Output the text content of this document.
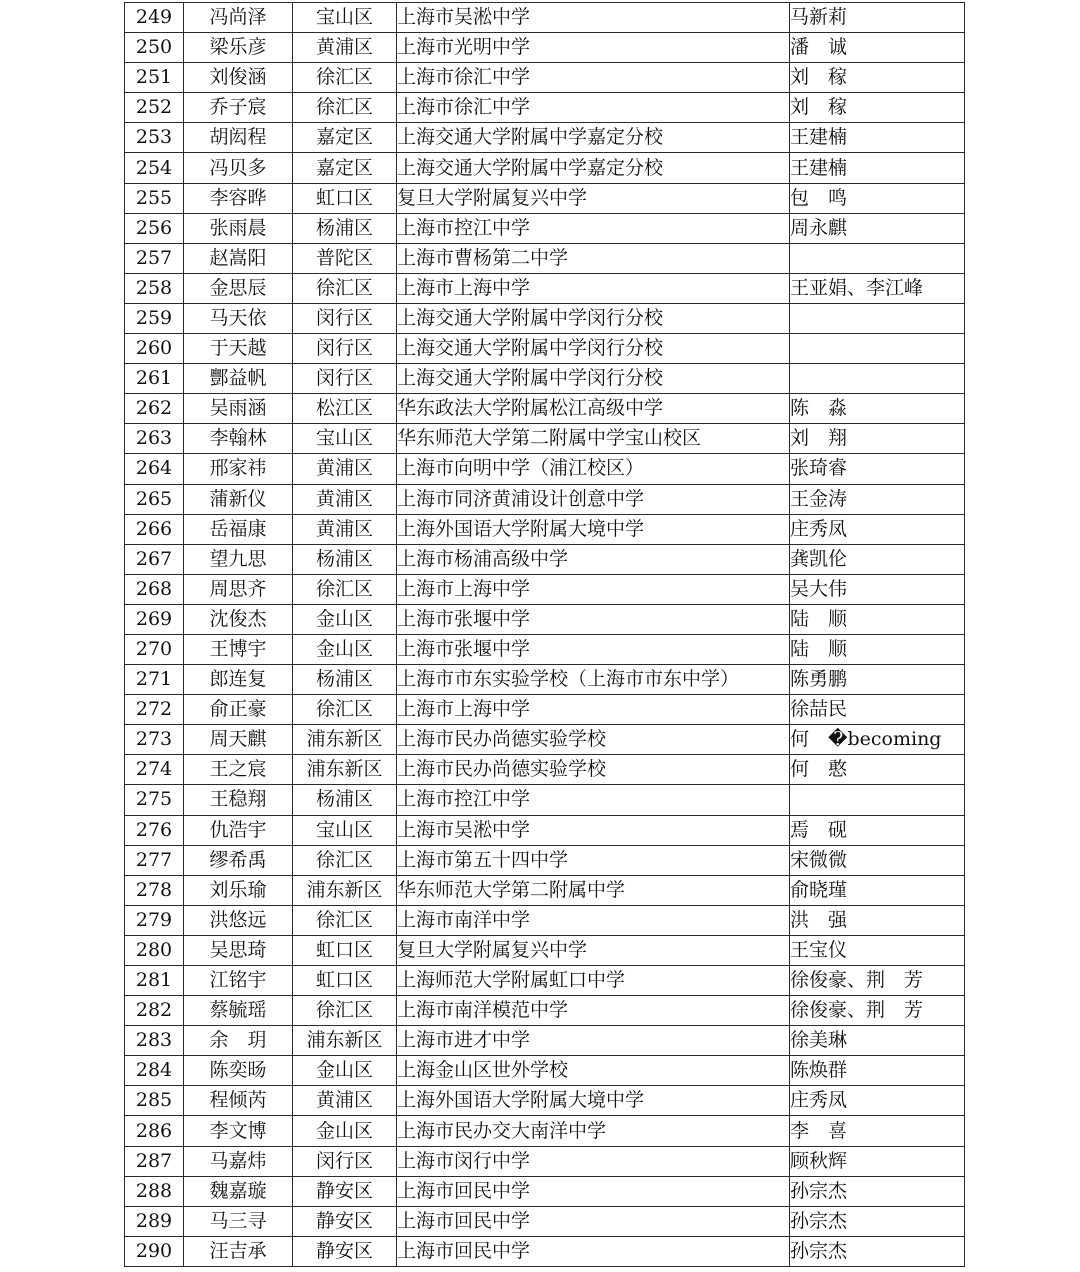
249	冯尚泽	宝山区	上海市吴淞中学	马新莉
250	梁乐彦	黄浦区	上海市光明中学	潘　诚
251	刘俊涵	徐汇区	上海市徐汇中学	刘　稼
252	乔子宸	徐汇区	上海市徐汇中学	刘　稼
253	胡闳程	嘉定区	上海交通大学附属中学嘉定分校	王建楠
254	冯贝多	嘉定区	上海交通大学附属中学嘉定分校	王建楠
255	李容晔	虹口区	复旦大学附属复兴中学	包　鸣
256	张雨晨	杨浦区	上海市控江中学	周永麒
257	赵嵩阳	普陀区	上海市曹杨第二中学	
258	金思辰	徐汇区	上海市上海中学	王亚娟、李江峰
259	马天依	闵行区	上海交通大学附属中学闵行分校	
260	于天越	闵行区	上海交通大学附属中学闵行分校	
261	酆益帆	闵行区	上海交通大学附属中学闵行分校	
262	吴雨涵	松江区	华东政法大学附属松江高级中学	陈　淼
263	李翰林	宝山区	华东师范大学第二附属中学宝山校区	刘　翔
264	邢家祎	黄浦区	上海市向明中学（浦江校区）	张琦睿
265	蒲新仪	黄浦区	上海市同济黄浦设计创意中学	王金涛
266	岳福康	黄浦区	上海外国语大学附属大境中学	庄秀凤
267	望九思	杨浦区	上海市杨浦高级中学	龚凯伦
268	周思齐	徐汇区	上海市上海中学	吴大伟
269	沈俊杰	金山区	上海市张堰中学	陆　顺
270	王博宇	金山区	上海市张堰中学	陆　顺
271	郎连复	杨浦区	上海市市东实验学校（上海市市东中学）	陈勇鹏
272	俞正豪	徐汇区	上海市上海中学	徐喆民
273	周天麒	浦东新区	上海市民办尚德实验学校	何　�becoming
274	王之宸	浦东新区	上海市民办尚德实验学校	何　憨
275	王稳翔	杨浦区	上海市控江中学	
276	仇浩宇	宝山区	上海市吴淞中学	焉　砚
277	缪希禹	徐汇区	上海市第五十四中学	宋微微
278	刘乐瑜	浦东新区	华东师范大学第二附属中学	俞晓瑾
279	洪悠远	徐汇区	上海市南洋中学	洪　强
280	吴思琦	虹口区	复旦大学附属复兴中学	王宝仪
281	江铭宇	虹口区	上海师范大学附属虹口中学	徐俊豪、荆　芳
282	蔡毓瑶	徐汇区	上海市南洋模范中学	徐俊豪、荆　芳
283	余　玥	浦东新区	上海市进才中学	徐美琳
284	陈奕旸	金山区	上海金山区世外学校	陈焕群
285	程倾芮	黄浦区	上海外国语大学附属大境中学	庄秀凤
286	李文博	金山区	上海市民办交大南洋中学	李　喜
287	马嘉炜	闵行区	上海市闵行中学	顾秋辉
288	魏嘉璇	静安区	上海市回民中学	孙宗杰
289	马三寻	静安区	上海市回民中学	孙宗杰
290	汪吉承	静安区	上海市回民中学	孙宗杰
